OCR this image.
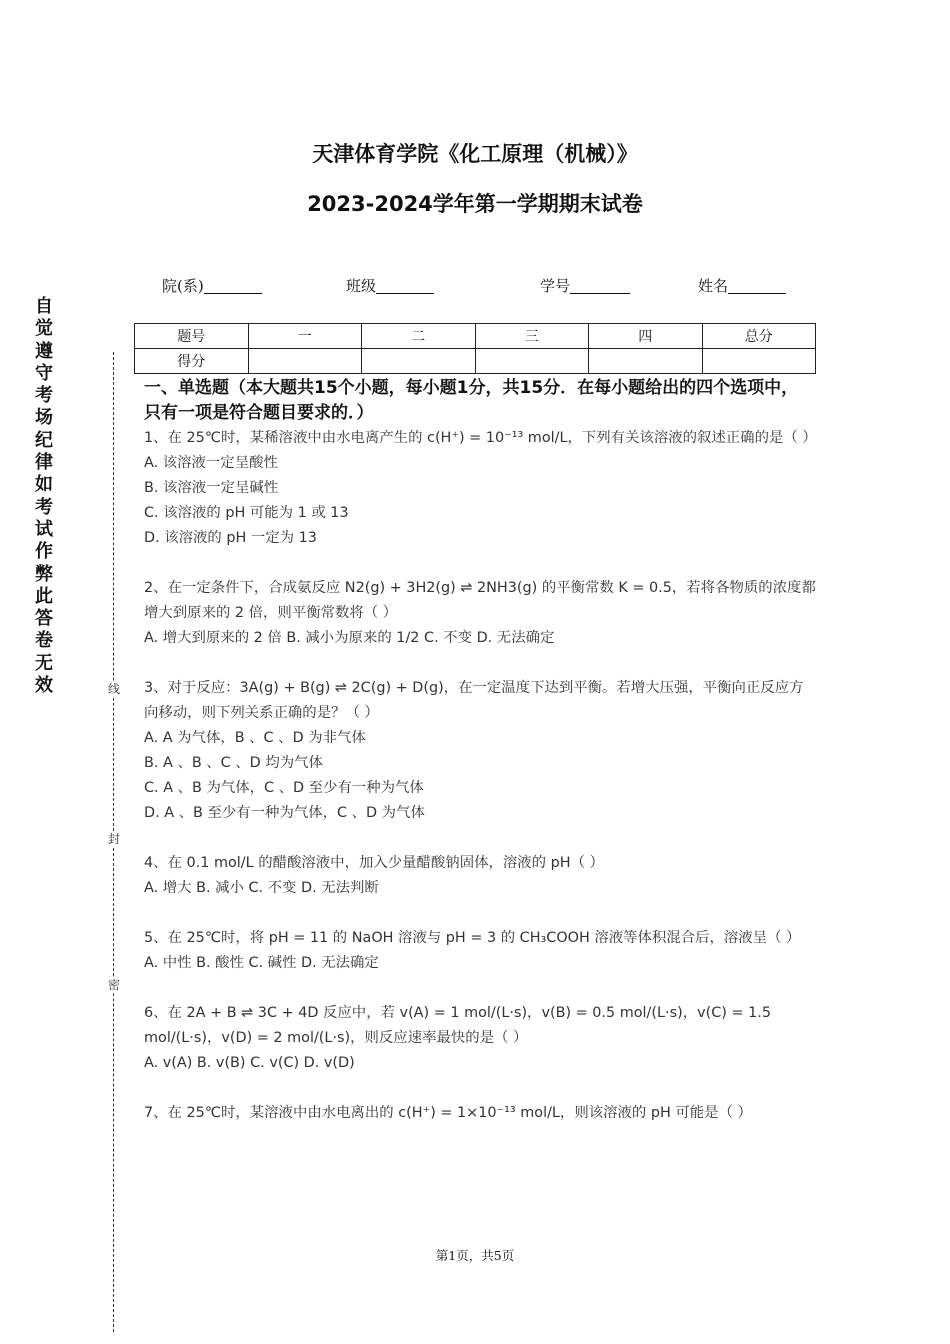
天津体育学院《化工原理（机械）》
2023-2024学年第一学期期末试卷
自觉遵守考场纪律如考试作弊此答卷无效	线
封
密
院(系)	班级	学号	姓名
题号	一	二	三	四	总分
得分					
一、单选题（本大题共15个小题，每小题1分，共15分．在每小题给出的四个选项中，只有一项是符合题目要求的．）

1、在 25℃时，某稀溶液中由水电离产生的 c(H⁺) = 10⁻¹³ mol/L，下列有关该溶液的叙述正确的是（ ）

A. 该溶液一定呈酸性

B. 该溶液一定呈碱性

C. 该溶液的 pH 可能为 1 或 13

D. 该溶液的 pH 一定为 13

2、在一定条件下，合成氨反应 N2(g) + 3H2(g) ⇌ 2NH3(g) 的平衡常数 K = 0.5，若将各物质的浓度都增大到原来的 2 倍，则平衡常数将（ ）

A. 增大到原来的 2 倍 B. 减小为原来的 1/2 C. 不变 D. 无法确定

3、对于反应：3A(g) + B(g) ⇌ 2C(g) + D(g)，在一定温度下达到平衡。若增大压强，平衡向正反应方向移动，则下列关系正确的是？（ ）

A. A 为气体，B 、C 、D 为非气体

B. A 、B 、C 、D 均为气体

C. A 、B 为气体，C 、D 至少有一种为气体

D. A 、B 至少有一种为气体，C 、D 为气体

4、在 0.1 mol/L 的醋酸溶液中，加入少量醋酸钠固体，溶液的 pH（ ）

A. 增大 B. 减小 C. 不变 D. 无法判断

5、在 25℃时，将 pH = 11 的 NaOH 溶液与 pH = 3 的 CH₃COOH 溶液等体积混合后，溶液呈（ ）

A. 中性 B. 酸性 C. 碱性 D. 无法确定

6、在 2A + B ⇌ 3C + 4D 反应中，若 v(A) = 1 mol/(L·s)，v(B) = 0.5 mol/(L·s)，v(C) = 1.5 mol/(L·s)，v(D) = 2 mol/(L·s)，则反应速率最快的是（ ）

A. v(A) B. v(B) C. v(C) D. v(D)

7、在 25℃时，某溶液中由水电离出的 c(H⁺) = 1×10⁻¹³ mol/L，则该溶液的 pH 可能是（ ）

第1页，共5页
